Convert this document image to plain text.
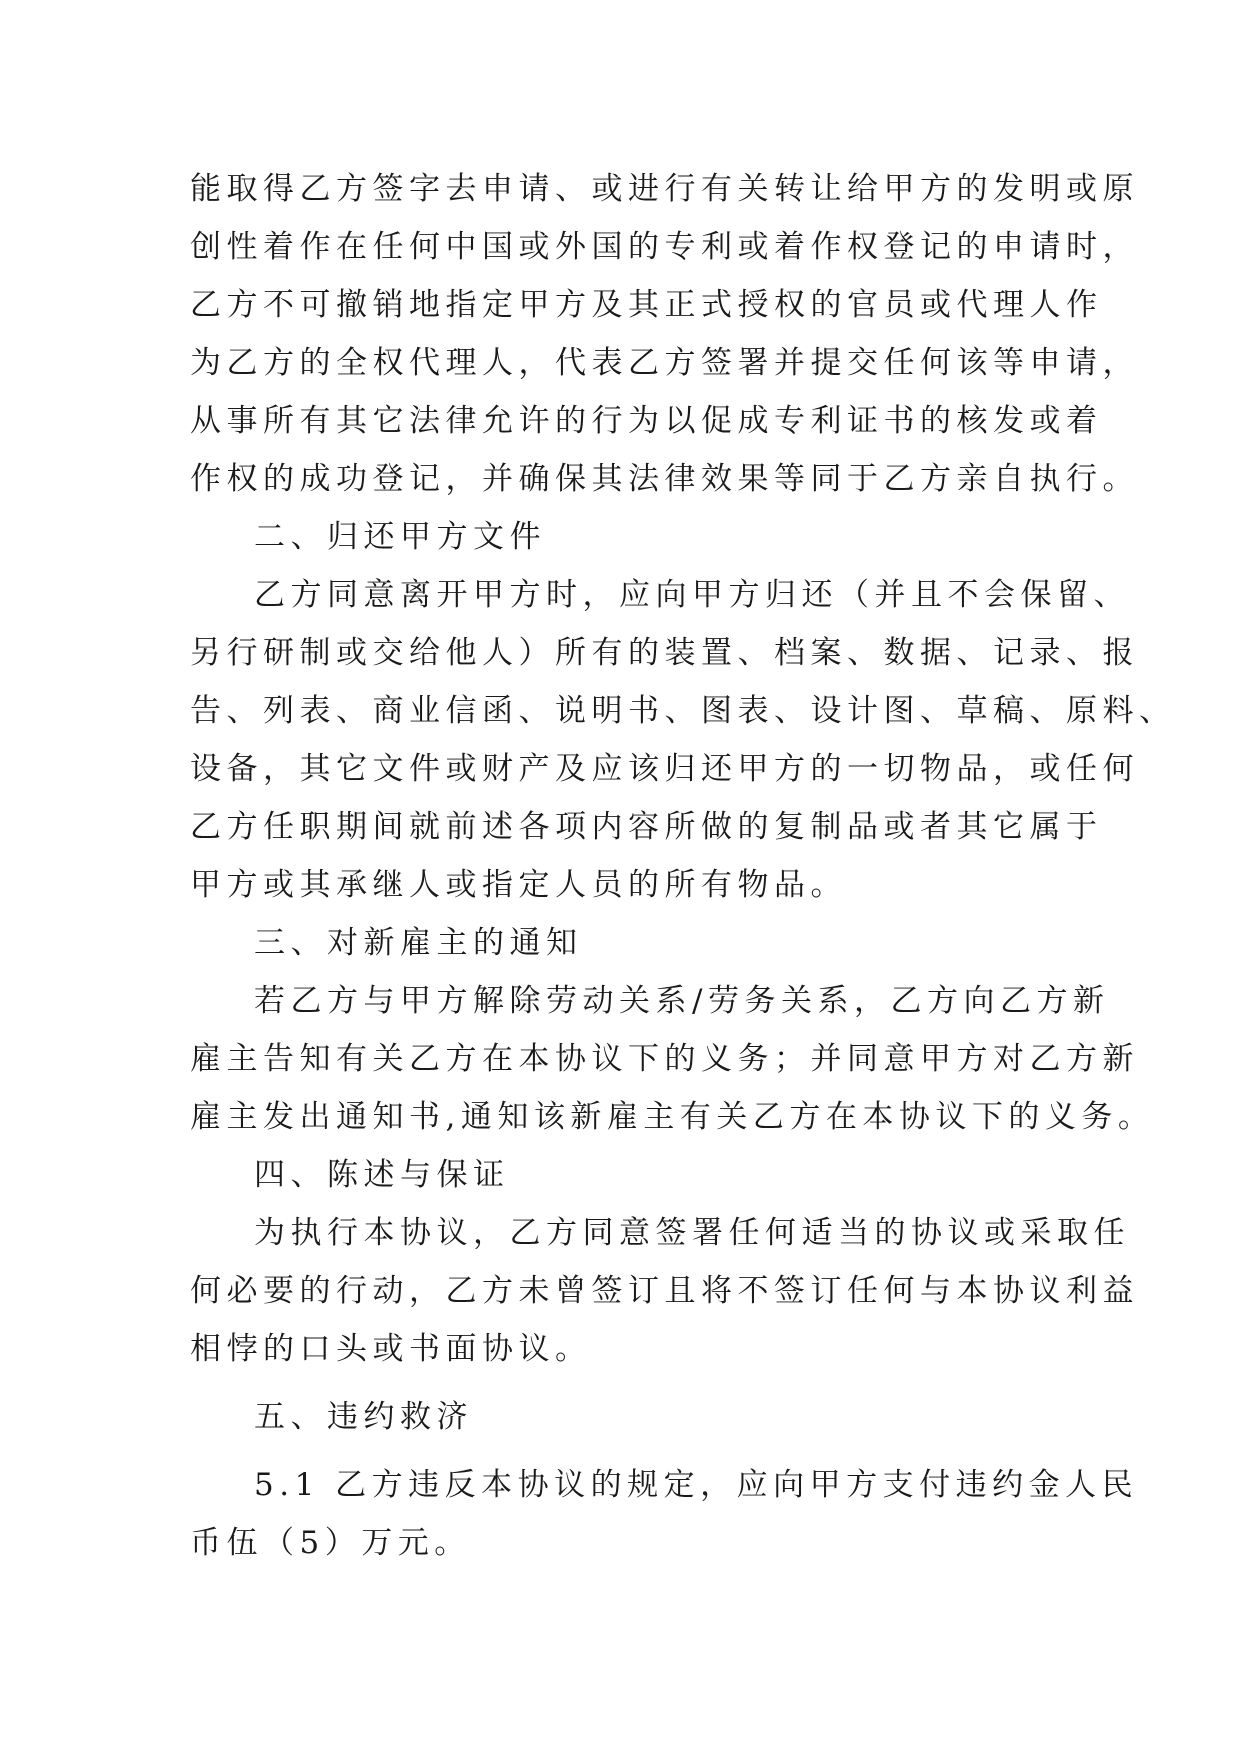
能取得乙方签字去申请、或进行有关转让给甲方的发明或原
创性着作在任何中国或外国的专利或着作权登记的申请时，
乙方不可撤销地指定甲方及其正式授权的官员或代理人作
为乙方的全权代理人，代表乙方签署并提交任何该等申请，
从事所有其它法律允许的行为以促成专利证书的核发或着
作权的成功登记，并确保其法律效果等同于乙方亲自执行。
二、归还甲方文件
乙方同意离开甲方时，应向甲方归还（并且不会保留、
另行研制或交给他人）所有的装置、档案、数据、记录、报
告、列表、商业信函、说明书、图表、设计图、草稿、原料、
设备，其它文件或财产及应该归还甲方的一切物品，或任何
乙方任职期间就前述各项内容所做的复制品或者其它属于
甲方或其承继人或指定人员的所有物品。
三、对新雇主的通知
若乙方与甲方解除劳动关系/劳务关系，乙方向乙方新
雇主告知有关乙方在本协议下的义务；并同意甲方对乙方新
雇主发出通知书,通知该新雇主有关乙方在本协议下的义务。
四、陈述与保证
为执行本协议，乙方同意签署任何适当的协议或采取任
何必要的行动，乙方未曾签订且将不签订任何与本协议利益
相悖的口头或书面协议。
五、违约救济
5.1 乙方违反本协议的规定，应向甲方支付违约金人民
币伍（5）万元。
